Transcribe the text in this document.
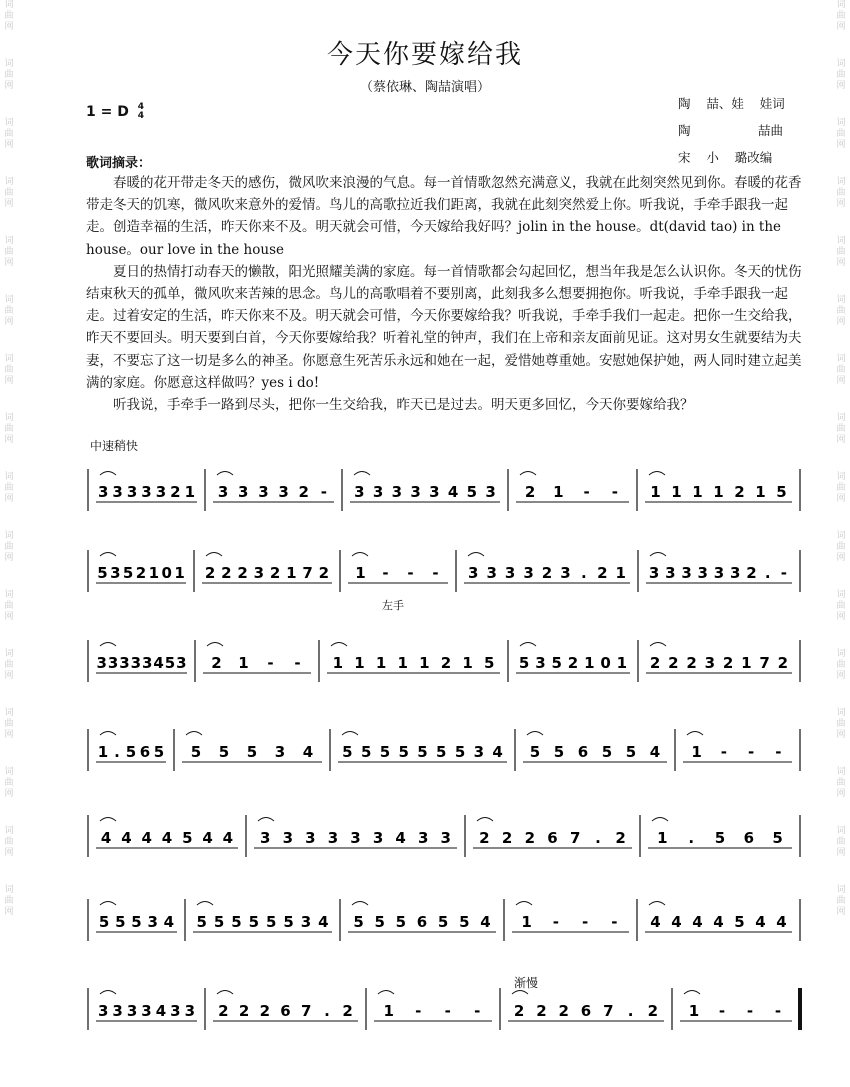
词
曲
网
词
曲
网
词
曲
网
词
曲
网
词
曲
网
词
曲
网
词
曲
网
词
曲
网
词
曲
网
词
曲
网
词
曲
网
词
曲
网
词
曲
网
词
曲
网
词
曲
网
词
曲
网
词
曲
网
词
曲
网
词
曲
网
词
曲
网
词
曲
网
词
曲
网
词
曲
网
词
曲
网
词
曲
网
词
曲
网
词
曲
网
词
曲
网
词
曲
网
词
曲
网
词
曲
网
词
曲
网
今天你要嫁给我
（蔡依琳、陶喆演唱）
1 = D 4
4
陶    喆、娃    娃词
陶                 喆曲
宋    小    璐改编
歌词摘录：

　　春暖的花开带走冬天的感伤，微风吹来浪漫的气息。每一首情歌忽然充满意义，我就在此刻突然见到你。春暖的花香带走冬天的饥寒，微风吹来意外的爱情。鸟儿的高歌拉近我们距离，我就在此刻突然爱上你。听我说，手牵手跟我一起走。创造幸福的生活，昨天你来不及。明天就会可惜，今天嫁给我好吗？jolin in the house。dt(david tao) in the house。our love in the house

　　夏日的热情打动春天的懒散，阳光照耀美满的家庭。每一首情歌都会勾起回忆，想当年我是怎么认识你。冬天的忧伤结束秋天的孤单，微风吹来苦辣的思念。鸟儿的高歌唱着不要别离，此刻我多么想要拥抱你。听我说，手牵手跟我一起走。过着安定的生活，昨天你来不及。明天就会可惜，今天你要嫁给我？听我说，手牵手我们一起走。把你一生交给我，昨天不要回头。明天要到白首，今天你要嫁给我？听着礼堂的钟声，我们在上帝和亲友面前见证。这对男女生就要结为夫妻，不要忘了这一切是多么的神圣。你愿意生死苦乐永远和她在一起，爱惜她尊重她。安慰她保护她，两人同时建立起美满的家庭。你愿意这样做吗？yes i do!

　　听我说，手牵手一路到尽头，把你一生交给我，昨天已是过去。明天更多回忆，今天你要嫁给我？

中速稍快
左手
渐慢
3 3 3 3 3 2 1 3 3 3 3 2 - 3 3 3 3 3 4 5 3 2 1 - - 1 1 1 1 2 1 5
5 3 5 2 1 0 1 2 2 2 3 2 1 7 2 1 - - - 3 3 3 3 2 3 . 2 1 3 3 3 3 3 3 2 . -
3 3 3 3 3 4 5 3 2 1 - - 1 1 1 1 1 2 1 5 5 3 5 2 1 0 1 2 2 2 3 2 1 7 2
1 . 5 6 5 5 5 5 3 4 5 5 5 5 5 5 5 3 4 5 5 6 5 5 4 1 - - -
4 4 4 4 5 4 4 3 3 3 3 3 3 4 3 3 2 2 2 6 7 . 2 1 . 5 6 5
5 5 5 3 4 5 5 5 5 5 5 3 4 5 5 5 6 5 5 4 1 - - - 4 4 4 4 5 4 4
3 3 3 3 4 3 3 2 2 2 6 7 . 2 1 - - - 2 2 2 6 7 . 2 1 - - -
